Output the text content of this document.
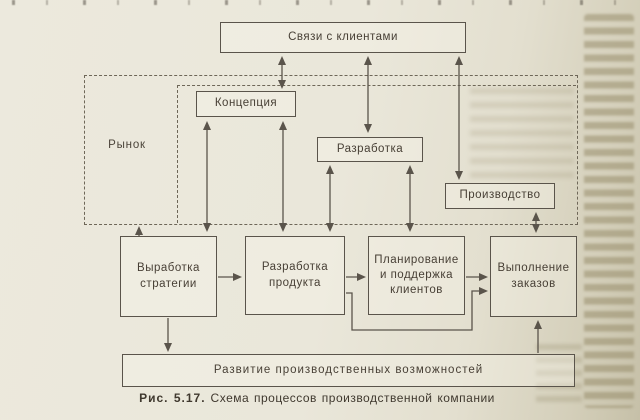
Рынок
Связи с клиентами
Концепция
Разработка
Производство
Выработка стратегии
Разработка продукта
Планирование и поддержка клиентов
Выполнение заказов
Развитие производственных возможностей
Рис. 5.17. Схема процессов производственной компании
